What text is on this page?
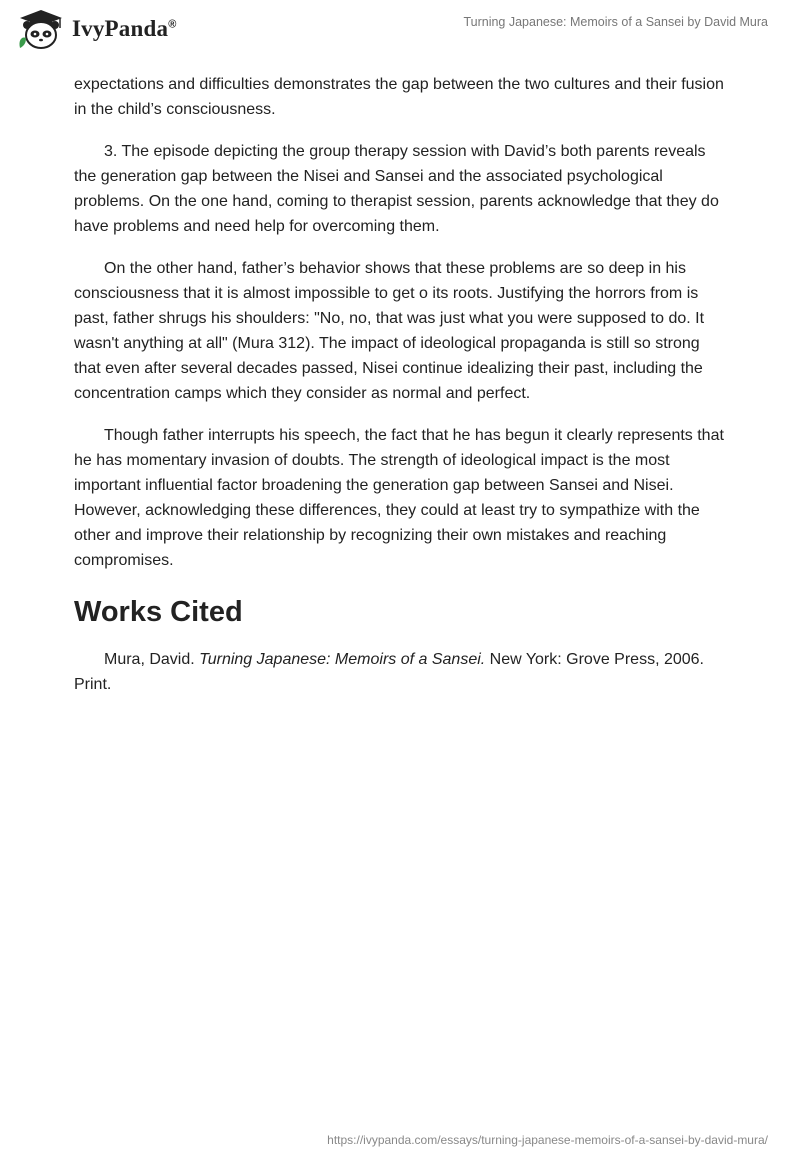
IvyPanda®	Turning Japanese: Memoirs of a Sansei by David Mura

expectations and difficulties demonstrates the gap between the two cultures and their fusion in the child’s consciousness.

3. The episode depicting the group therapy session with David’s both parents reveals the generation gap between the Nisei and Sansei and the associated psychological problems. On the one hand, coming to therapist session, parents acknowledge that they do have problems and need help for overcoming them.

On the other hand, father’s behavior shows that these problems are so deep in his consciousness that it is almost impossible to get o its roots. Justifying the horrors from is past, father shrugs his shoulders: "No, no, that was just what you were supposed to do. It wasn't anything at all" (Mura 312). The impact of ideological propaganda is still so strong that even after several decades passed, Nisei continue idealizing their past, including the concentration camps which they consider as normal and perfect.

Though father interrupts his speech, the fact that he has begun it clearly represents that he has momentary invasion of doubts. The strength of ideological impact is the most important influential factor broadening the generation gap between Sansei and Nisei. However, acknowledging these differences, they could at least try to sympathize with the other and improve their relationship by recognizing their own mistakes and reaching compromises.

Works Cited

Mura, David. Turning Japanese: Memoirs of a Sansei. New York: Grove Press, 2006. Print.

https://ivypanda.com/essays/turning-japanese-memoirs-of-a-sansei-by-david-mura/
